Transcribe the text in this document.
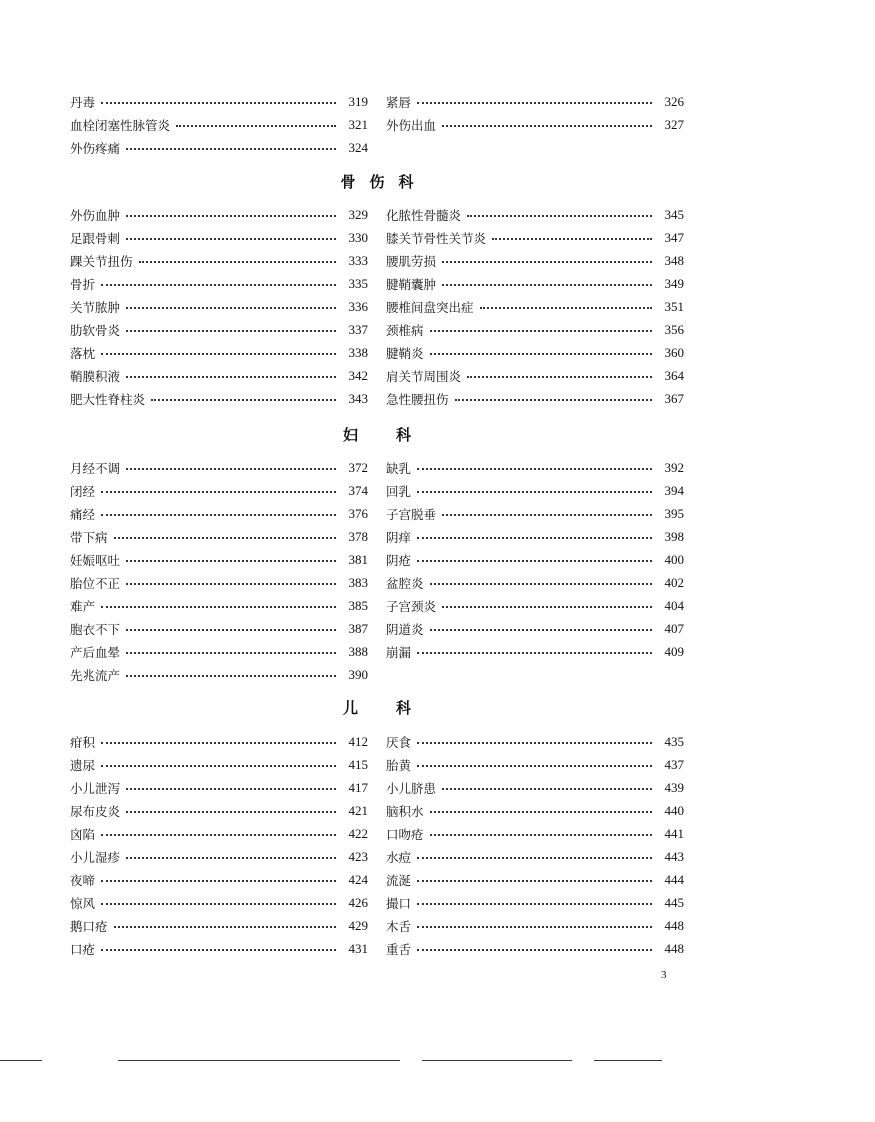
丹毒	319
血栓闭塞性脉管炎	321
外伤疼痛	324
紧唇	326
外伤出血	327
骨 伤 科
外伤血肿	329
足跟骨刺	330
踝关节扭伤	333
骨折	335
关节脓肿	336
肋软骨炎	337
落枕	338
鞘膜积液	342
肥大性脊柱炎	343
化脓性骨髓炎	345
膝关节骨性关节炎	347
腰肌劳损	348
腱鞘囊肿	349
腰椎间盘突出症	351
颈椎病	356
腱鞘炎	360
肩关节周围炎	364
急性腰扭伤	367
妇	科
月经不调	372
闭经	374
痛经	376
带下病	378
妊娠呕吐	381
胎位不正	383
难产	385
胞衣不下	387
产后血晕	388
先兆流产	390
缺乳	392
回乳	394
子宫脱垂	395
阴痒	398
阴疮	400
盆腔炎	402
子宫颈炎	404
阴道炎	407
崩漏	409
儿	科
疳积	412
遗尿	415
小儿泄泻	417
尿布皮炎	421
囟陷	422
小儿湿疹	423
夜啼	424
惊风	426
鹅口疮	429
口疮	431
厌食	435
胎黄	437
小儿脐患	439
脑积水	440
口吻疮	441
水痘	443
流涎	444
撮口	445
木舌	448
重舌	448
3
